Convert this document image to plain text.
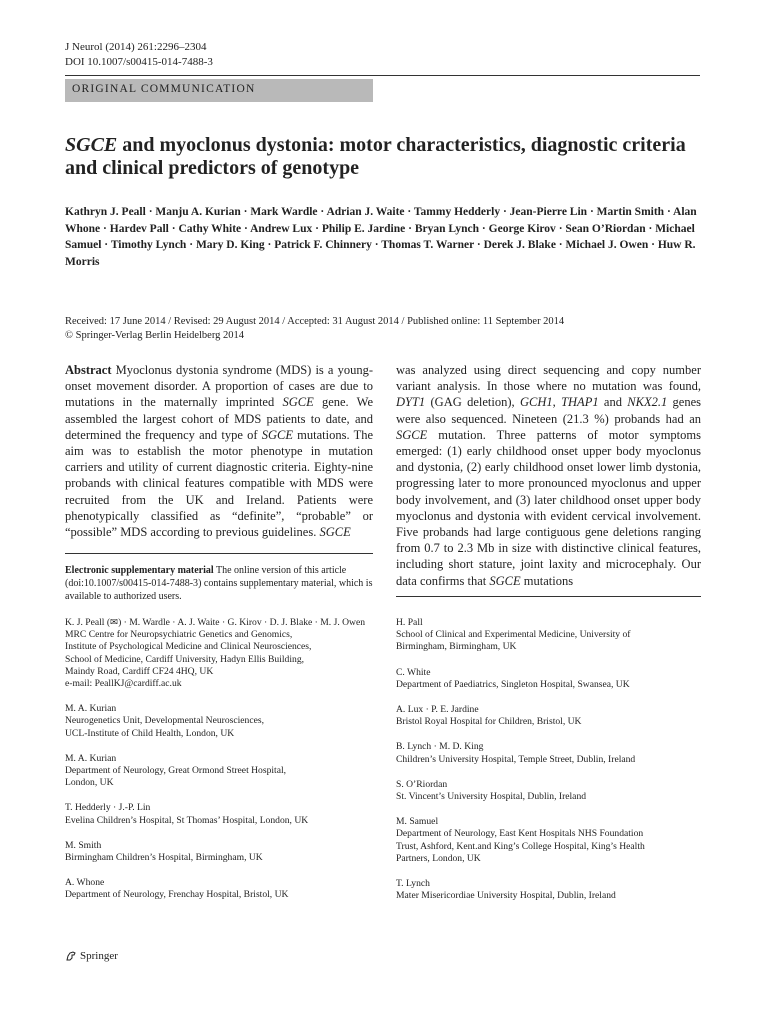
J Neurol (2014) 261:2296–2304
DOI 10.1007/s00415-014-7488-3
ORIGINAL COMMUNICATION
SGCE and myoclonus dystonia: motor characteristics, diagnostic criteria and clinical predictors of genotype
Kathryn J. Peall · Manju A. Kurian · Mark Wardle · Adrian J. Waite · Tammy Hedderly · Jean-Pierre Lin · Martin Smith · Alan Whone · Hardev Pall · Cathy White · Andrew Lux · Philip E. Jardine · Bryan Lynch · George Kirov · Sean O’Riordan · Michael Samuel · Timothy Lynch · Mary D. King · Patrick F. Chinnery · Thomas T. Warner · Derek J. Blake · Michael J. Owen · Huw R. Morris
Received: 17 June 2014 / Revised: 29 August 2014 / Accepted: 31 August 2014 / Published online: 11 September 2014
© Springer-Verlag Berlin Heidelberg 2014

Abstract Myoclonus dystonia syndrome (MDS) is a young-onset movement disorder. A proportion of cases are due to mutations in the maternally imprinted SGCE gene. We assembled the largest cohort of MDS patients to date, and determined the frequency and type of SGCE mutations. The aim was to establish the motor phenotype in mutation carriers and utility of current diagnostic criteria. Eighty-nine probands with clinical features compatible with MDS were recruited from the UK and Ireland. Patients were phenotypically classified as “definite”, “probable” or “possible” MDS according to previous guidelines. SGCE

was analyzed using direct sequencing and copy number variant analysis. In those where no mutation was found, DYT1 (GAG deletion), GCH1, THAP1 and NKX2.1 genes were also sequenced. Nineteen (21.3 %) probands had an SGCE mutation. Three patterns of motor symptoms emerged: (1) early childhood onset upper body myoclonus and dystonia, (2) early childhood onset lower limb dystonia, progressing later to more pronounced myoclonus and upper body involvement, and (3) later childhood onset upper body myoclonus and dystonia with evident cervical involvement. Five probands had large contiguous gene deletions ranging from 0.7 to 2.3 Mb in size with distinctive clinical features, including short stature, joint laxity and microcephaly. Our data confirms that SGCE mutations

Electronic supplementary material The online version of this article (doi:10.1007/s00415-014-7488-3) contains supplementary material, which is available to authorized users.
K. J. Peall (✉) · M. Wardle · A. J. Waite · G. Kirov · D. J. Blake · M. J. Owen
MRC Centre for Neuropsychiatric Genetics and Genomics,
Institute of Psychological Medicine and Clinical Neurosciences,
School of Medicine, Cardiff University, Hadyn Ellis Building,
Maindy Road, Cardiff CF24 4HQ, UK
e-mail: PeallKJ@cardiff.ac.uk
M. A. Kurian
Neurogenetics Unit, Developmental Neurosciences,
UCL-Institute of Child Health, London, UK
M. A. Kurian
Department of Neurology, Great Ormond Street Hospital,
London, UK
T. Hedderly · J.-P. Lin
Evelina Children’s Hospital, St Thomas’ Hospital, London, UK
M. Smith
Birmingham Children’s Hospital, Birmingham, UK
A. Whone
Department of Neurology, Frenchay Hospital, Bristol, UK
H. Pall
School of Clinical and Experimental Medicine, University of
Birmingham, Birmingham, UK
C. White
Department of Paediatrics, Singleton Hospital, Swansea, UK
A. Lux · P. E. Jardine
Bristol Royal Hospital for Children, Bristol, UK
B. Lynch · M. D. King
Children’s University Hospital, Temple Street, Dublin, Ireland
S. O’Riordan
St. Vincent’s University Hospital, Dublin, Ireland
M. Samuel
Department of Neurology, East Kent Hospitals NHS Foundation
Trust, Ashford, Kent.and King’s College Hospital, King’s Health
Partners, London, UK
T. Lynch
Mater Misericordiae University Hospital, Dublin, Ireland
Springer
